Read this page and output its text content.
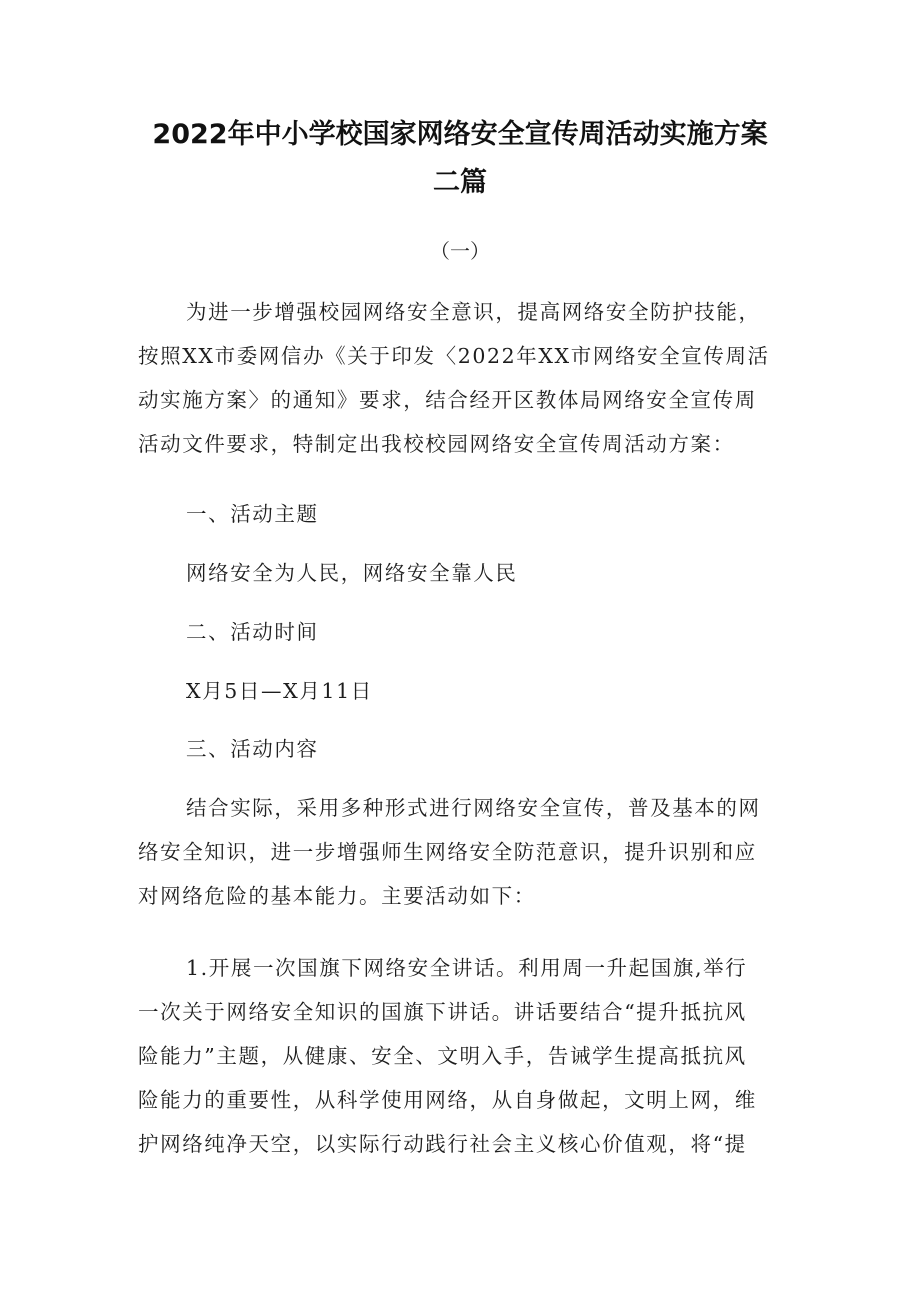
2022年中小学校国家网络安全宣传周活动实施方案
二篇
（一）

为进一步增强校园网络安全意识，提高网络安全防护技能，
按照XX市委网信办《关于印发〈2022年XX市网络安全宣传周活
动实施方案〉的通知》要求，结合经开区教体局网络安全宣传周
活动文件要求，特制定出我校校园网络安全宣传周活动方案：

一、活动主题

网络安全为人民，网络安全靠人民

二、活动时间

X月5日—X月11日

三、活动内容

结合实际，采用多种形式进行网络安全宣传，普及基本的网
络安全知识，进一步增强师生网络安全防范意识，提升识别和应
对网络危险的基本能力。主要活动如下：

1.开展一次国旗下网络安全讲话。利用周一升起国旗,举行
一次关于网络安全知识的国旗下讲话。讲话要结合“提升抵抗风
险能力”主题，从健康、安全、文明入手，告诫学生提高抵抗风
险能力的重要性，从科学使用网络，从自身做起，文明上网，维
护网络纯净天空，以实际行动践行社会主义核心价值观，将“提
